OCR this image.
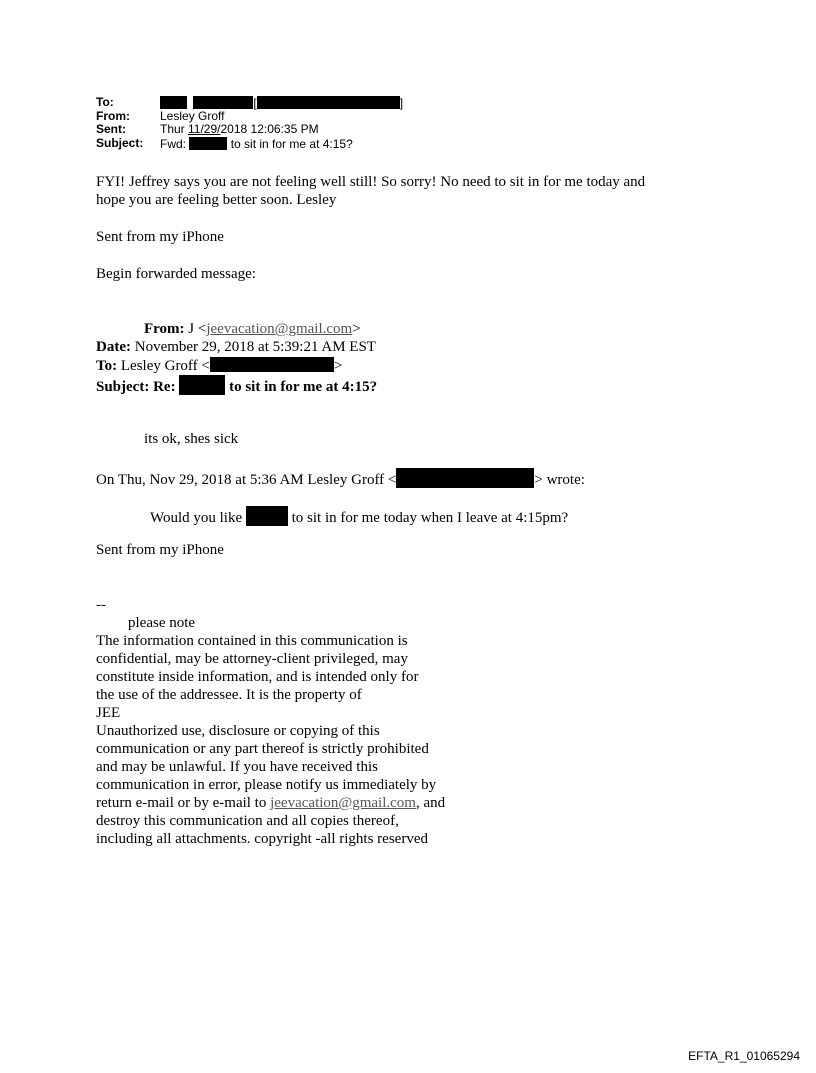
To:	[	]
From:	Lesley Groff
Sent:	Thur 11/29/2018 12:06:35 PM
Subject: Fwd:	to sit in for me at 4:15?
FYI! Jeffrey says you are not feeling well still! So sorry! No need to sit in for me today and
hope you are feeling better soon. Lesley
Sent from my iPhone
Begin forwarded message:
From: J <jeevacation@gmail.com>
Date: November 29, 2018 at 5:39:21 AM EST
To: Lesley Groff <	>
Subject: Re:	to sit in for me at 4:15?
its ok, shes sick
On Thu, Nov 29, 2018 at 5:36 AM Lesley Groff <	> wrote:
Would you like	to sit in for me today when I leave at 4:15pm?
Sent from my iPhone
--
please note
The information contained in this communication is
confidential, may be attorney-client privileged, may
constitute inside information, and is intended only for
the use of the addressee. It is the property of
JEE
Unauthorized use, disclosure or copying of this
communication or any part thereof is strictly prohibited
and may be unlawful. If you have received this
communication in error, please notify us immediately by
return e-mail or by e-mail to jeevacation@gmail.com, and
destroy this communication and all copies thereof,
including all attachments. copyright -all rights reserved
EFTA_R1_01065294
